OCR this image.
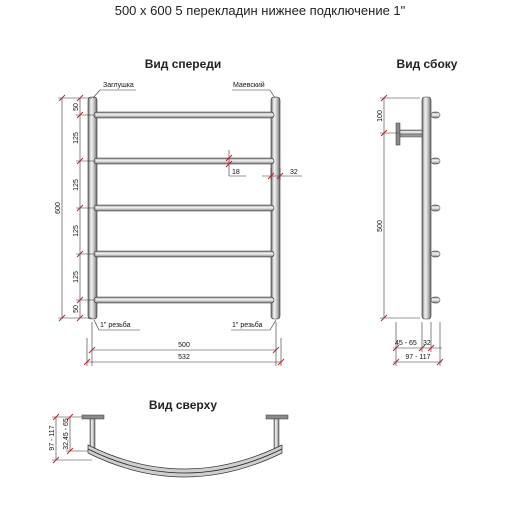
500 х 600 5 перекладин нижнее подключение 1"
Вид спереди
Заглушка	Маевский
1" резьба	1" резьба
600
50
125
125
125
125
50
18	32
500
532
Вид сбоку
100
500
45 - 65 32
97 - 117
Вид сверху
97 - 117 32,45 - 65
